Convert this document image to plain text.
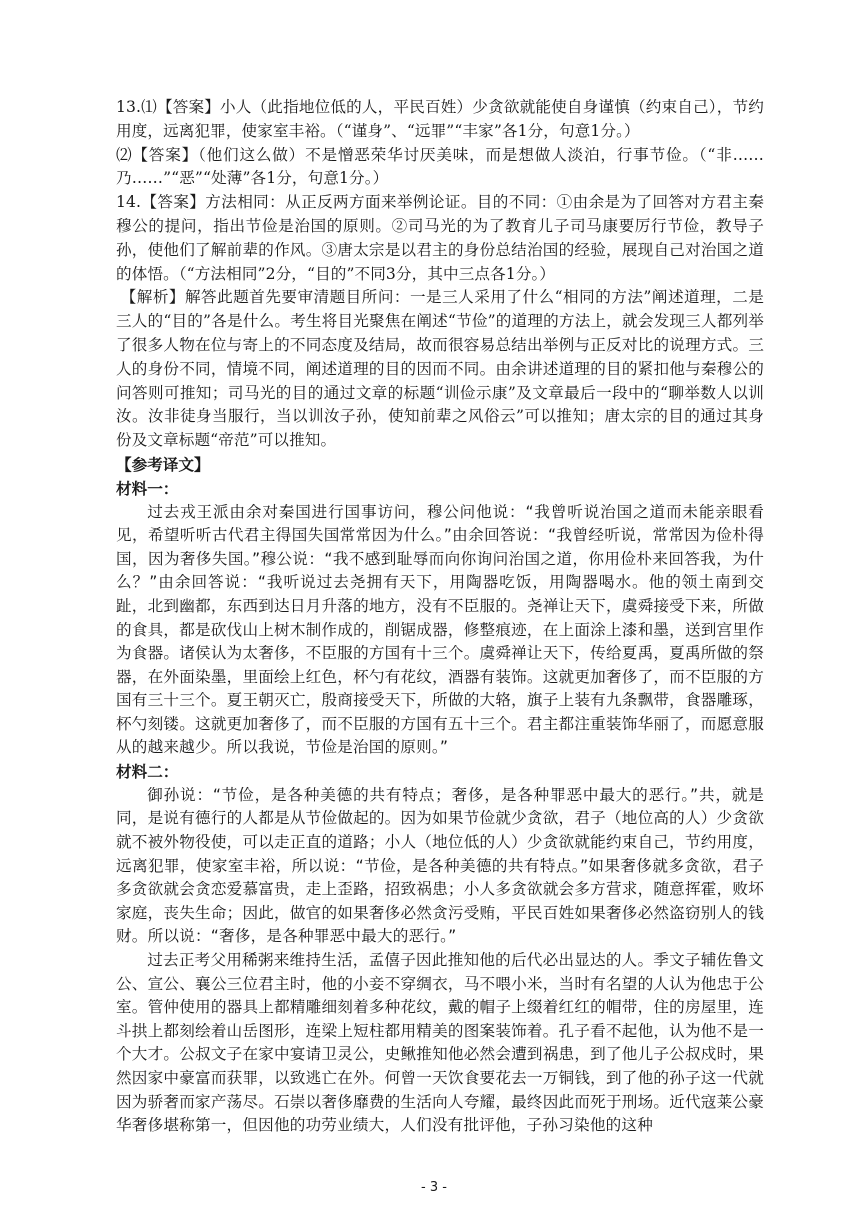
13.⑴【答案】小人（此指地位低的人，平民百姓）少贪欲就能使自身谨慎（约束自己），节约用度，远离犯罪，使家室丰裕。（“谨身”、“远罪”“丰家”各1分，句意1分。）

⑵【答案】（他们这么做）不是憎恶荣华讨厌美味，而是想做人淡泊，行事节俭。（“非……乃……”“恶”“处薄”各1分，句意1分。）

14.【答案】方法相同：从正反两方面来举例论证。目的不同：①由余是为了回答对方君主秦穆公的提问，指出节俭是治国的原则。②司马光的为了教育儿子司马康要厉行节俭，教导子孙，使他们了解前辈的作风。③唐太宗是以君主的身份总结治国的经验，展现自己对治国之道的体悟。（“方法相同”2分，“目的”不同3分，其中三点各1分。）

【解析】解答此题首先要审清题目所问：一是三人采用了什么“相同的方法”阐述道理，二是三人的“目的”各是什么。考生将目光聚焦在阐述“节俭”的道理的方法上，就会发现三人都列举了很多人物在位与寄上的不同态度及结局，故而很容易总结出举例与正反对比的说理方式。三人的身份不同，情境不同，阐述道理的目的因而不同。由余讲述道理的目的紧扣他与秦穆公的问答则可推知；司马光的目的通过文章的标题“训俭示康”及文章最后一段中的“聊举数人以训汝。汝非徒身当服行，当以训汝子孙，使知前辈之风俗云”可以推知；唐太宗的目的通过其身份及文章标题“帝范”可以推知。

【参考译文】
材料一：

过去戎王派由余对秦国进行国事访问，穆公问他说：“我曾听说治国之道而未能亲眼看见，希望听听古代君主得国失国常常因为什么。”由余回答说：“我曾经听说，常常因为俭朴得国，因为奢侈失国。”穆公说：“我不感到耻辱而向你询问治国之道，你用俭朴来回答我，为什么？”由余回答说：“我听说过去尧拥有天下，用陶器吃饭，用陶器喝水。他的领土南到交趾，北到幽都，东西到达日月升落的地方，没有不臣服的。尧禅让天下，虞舜接受下来，所做的食具，都是砍伐山上树木制作成的，削锯成器，修整痕迹，在上面涂上漆和墨，送到宫里作为食器。诸侯认为太奢侈，不臣服的方国有十三个。虞舜禅让天下，传给夏禹，夏禹所做的祭器，在外面染墨，里面绘上红色，杯勺有花纹，酒器有装饰。这就更加奢侈了，而不臣服的方国有三十三个。夏王朝灭亡，殷商接受天下，所做的大辂，旗子上装有九条飘带，食器雕琢，杯勺刻镂。这就更加奢侈了，而不臣服的方国有五十三个。君主都注重装饰华丽了，而愿意服从的越来越少。所以我说，节俭是治国的原则。”

材料二：

御孙说：“节俭，是各种美德的共有特点；奢侈，是各种罪恶中最大的恶行。”共，就是同，是说有德行的人都是从节俭做起的。因为如果节俭就少贪欲，君子（地位高的人）少贪欲就不被外物役使，可以走正直的道路；小人（地位低的人）少贪欲就能约束自己，节约用度，远离犯罪，使家室丰裕，所以说：“节俭，是各种美德的共有特点。”如果奢侈就多贪欲，君子多贪欲就会贪恋爱慕富贵，走上歪路，招致祸患；小人多贪欲就会多方营求，随意挥霍，败坏家庭，丧失生命；因此，做官的如果奢侈必然贪污受贿，平民百姓如果奢侈必然盗窃别人的钱财。所以说：“奢侈，是各种罪恶中最大的恶行。”

过去正考父用稀粥来维持生活，孟僖子因此推知他的后代必出显达的人。季文子辅佐鲁文公、宣公、襄公三位君主时，他的小妾不穿绸衣，马不喂小米，当时有名望的人认为他忠于公室。管仲使用的器具上都精雕细刻着多种花纹，戴的帽子上缀着红红的帽带，住的房屋里，连斗拱上都刻绘着山岳图形，连梁上短柱都用精美的图案装饰着。孔子看不起他，认为他不是一个大才。公叔文子在家中宴请卫灵公，史鳅推知他必然会遭到祸患，到了他儿子公叔戍时，果然因家中豪富而获罪，以致逃亡在外。何曾一天饮食要花去一万铜钱，到了他的孙子这一代就因为骄奢而家产荡尽。石崇以奢侈靡费的生活向人夸耀，最终因此而死于刑场。近代寇莱公豪华奢侈堪称第一，但因他的功劳业绩大，人们没有批评他，子孙习染他的这种

- 3 -
